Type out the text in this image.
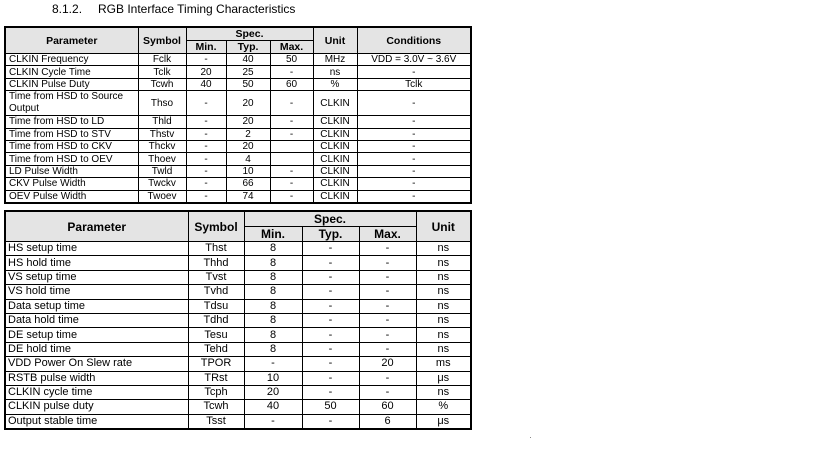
8.1.2. RGB Interface Timing Characteristics
Parameter	Symbol	Spec.			Unit	Conditions
		Min.	Typ.	Max.		
CLKIN Frequency	Fclk	-	40	50	MHz	VDD = 3.0V ~ 3.6V
CLKIN Cycle Time	Tclk	20	25	-	ns	-
CLKIN Pulse Duty	Tcwh	40	50	60	%	Tclk
Time from HSD to Source Output	Thso	-	20	-	CLKIN	-
Time from HSD to LD	Thld	-	20	-	CLKIN	-
Time from HSD to STV	Thstv	-	2	-	CLKIN	-
Time from HSD to CKV	Thckv	-	20		CLKIN	-
Time from HSD to OEV	Thoev	-	4		CLKIN	-
LD Pulse Width	Twld	-	10	-	CLKIN	-
CKV Pulse Width	Twckv	-	66	-	CLKIN	-
OEV Pulse Width	Twoev	-	74	-	CLKIN	-
Parameter	Symbol	Spec.			Unit
		Min.	Typ.	Max.	
HS setup time	Thst	8	-	-	ns
HS hold time	Thhd	8	-	-	ns
VS setup time	Tvst	8	-	-	ns
VS hold time	Tvhd	8	-	-	ns
Data setup time	Tdsu	8	-	-	ns
Data hold time	Tdhd	8	-	-	ns
DE setup time	Tesu	8	-	-	ns
DE hold time	Tehd	8	-	-	ns
VDD Power On Slew rate	TPOR	-	-	20	ms
RSTB pulse width	TRst	10	-	-	μs
CLKIN cycle time	Tcph	20	-	-	ns
CLKIN pulse duty	Tcwh	40	50	60	%
Output stable time	Tsst	-	-	6	μs
